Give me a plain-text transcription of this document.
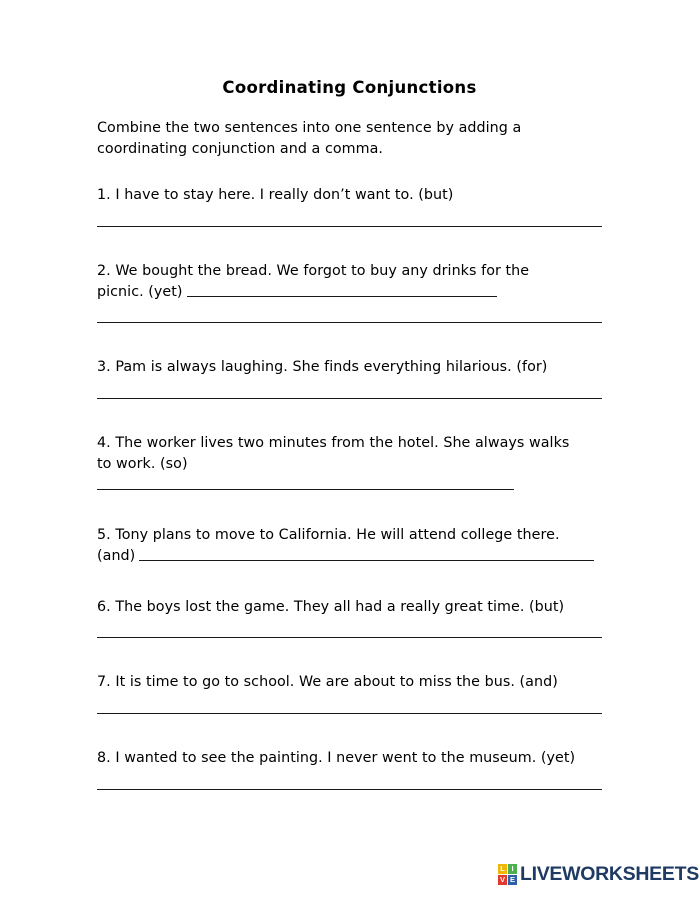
Coordinating Conjunctions

Combine the two sentences into one sentence by adding a coordinating conjunction and a comma.

1. I have to stay here. I really don’t want to. (but)

2. We bought the bread. We forgot to buy any drinks for the

picnic. (yet)

3. Pam is always laughing. She finds everything hilarious. (for)

4. The worker lives two minutes from the hotel. She always walks

to work. (so)

5. Tony plans to move to California. He will attend college there.

(and)

6. The boys lost the game. They all had a really great time. (but)

7. It is time to go to school. We are about to miss the bus. (and)

8. I wanted to see the painting. I never went to the museum. (yet)

L I
V E LIVEWORKSHEETS
